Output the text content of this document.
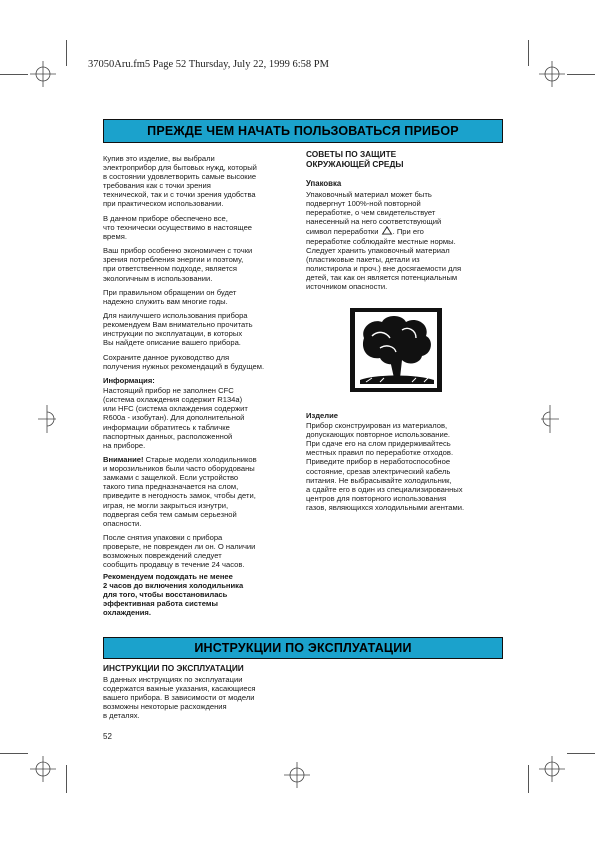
37050Aru.fm5 Page 52 Thursday, July 22, 1999 6:58 PM
ПРЕЖДЕ ЧЕМ НАЧАТЬ ПОЛЬЗОВАТЬСЯ ПРИБОР

Купив это изделие, вы выбрали
электроприбор для бытовых нужд, который
в состоянии удовлетворить самые высокие
требования как с точки зрения
технической, так и с точки зрения удобства
при практическом использовании.

В данном приборе обеспечено все,
что технически осуществимо в настоящее
время.

Ваш прибор особенно экономичен с точки
зрения потребления энергии и поэтому,
при ответственном подходе, является
экологичным в использовании.

При правильном обращении он будет
надежно служить вам многие годы.

Для наилучшего использования прибора
рекомендуем Вам внимательно прочитать
инструкции по эксплуатации, в которых
Вы найдете описание вашего прибора.

Сохраните данное руководство для
получения нужных рекомендаций в будущем.

Информация:

Настоящий прибор не заполнен CFC
(система охлаждения содержит R134a)
или HFC (система охлаждения содержит
R600a - изобутан). Для дополнительной
информации обратитесь к табличке
паспортных данных, расположенной
на приборе.

Внимание! Старые модели холодильников
и морозильников были часто оборудованы
замками с защелкой. Если устройство
такого типа предназначается на слом,
приведите в негодность замок, чтобы дети,
играя, не могли закрыться изнутри,
подвергая себя тем самым серьезной
опасности.

После снятия упаковки с прибора
проверьте, не поврежден ли он. О наличии
возможных повреждений следует
сообщить продавцу в течение 24 часов.

Рекомендуем подождать не менее
2 часов до включения холодильника
для того, чтобы восстановилась
эффективная работа системы
охлаждения.

СОВЕТЫ ПО ЗАЩИТЕ
ОКРУЖАЮЩЕЙ СРЕДЫ

Упаковка

Упаковочный материал может быть
подвергнут 100%-ной повторной
переработке, о чем свидетельствует
нанесенный на него соответствующий
символ переработки . При его
переработке соблюдайте местные нормы.
Следует хранить упаковочный материал
(пластиковые пакеты, детали из
полистирола и проч.) вне досягаемости для
детей, так как он является потенциальным
источником опасности.

Изделие

Прибор сконструирован из материалов,
допускающих повторное использование.
При сдаче его на слом придерживайтесь
местных правил по переработке отходов.
Приведите прибор в неработоспособное
состояние, срезав электрический кабель
питания. Не выбрасывайте холодильник,
а сдайте его в один из специализированных
центров для повторного использования
газов, являющихся холодильными агентами.

ИНСТРУКЦИИ ПО ЭКСПЛУАТАЦИИ
ИНСТРУКЦИИ ПО ЭКСПЛУАТАЦИИ

В данных инструкциях по эксплуатации
содержатся важные указания, касающиеся
вашего прибора. В зависимости от модели
возможны некоторые расхождения
в деталях.

52
